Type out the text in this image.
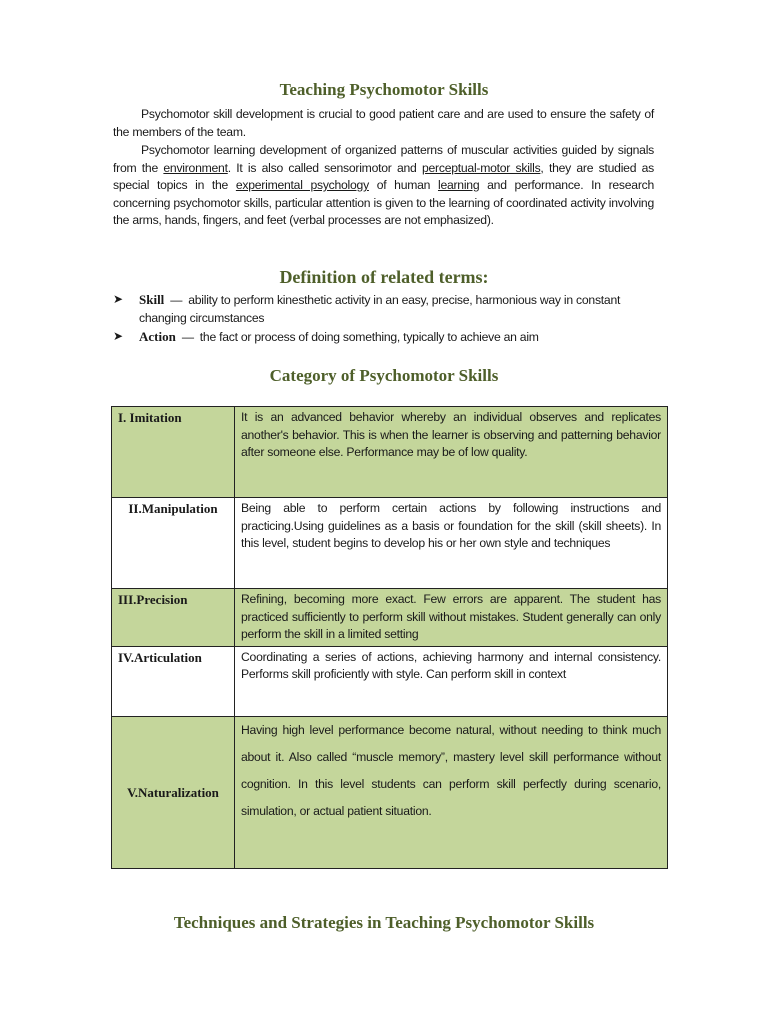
Teaching Psychomotor Skills
Psychomotor skill development is crucial to good patient care and are used to ensure the safety of the members of the team.
Psychomotor learning development of organized patterns of muscular activities guided by signals from the environment. It is also called sensorimotor and perceptual-motor skills, they are studied as special topics in the experimental psychology of human learning and performance. In research concerning psychomotor skills, particular attention is given to the learning of coordinated activity involving the arms, hands, fingers, and feet (verbal processes are not emphasized).
Definition of related terms:
➤ Skill — ability to perform kinesthetic activity in an easy, precise, harmonious way in constant changing circumstances
➤ Action — the fact or process of doing something, typically to achieve an aim
Category of Psychomotor Skills
I. Imitation	It is an advanced behavior whereby an individual observes and replicates another's behavior. This is when the learner is observing and patterning behavior after someone else. Performance may be of low quality.
II.Manipulation	Being able to perform certain actions by following instructions and practicing.Using guidelines as a basis or foundation for the skill (skill sheets). In this level, student begins to develop his or her own style and techniques
III.Precision	Refining, becoming more exact. Few errors are apparent. The student has practiced sufficiently to perform skill without mistakes. Student generally can only perform the skill in a limited setting
IV.Articulation	Coordinating a series of actions, achieving harmony and internal consistency. Performs skill proficiently with style. Can perform skill in context
V.Naturalization	Having high level performance become natural, without needing to think much about it. Also called “muscle memory”, mastery level skill performance without cognition. In this level students can perform skill perfectly during scenario, simulation, or actual patient situation.
Techniques and Strategies in Teaching Psychomotor Skills
